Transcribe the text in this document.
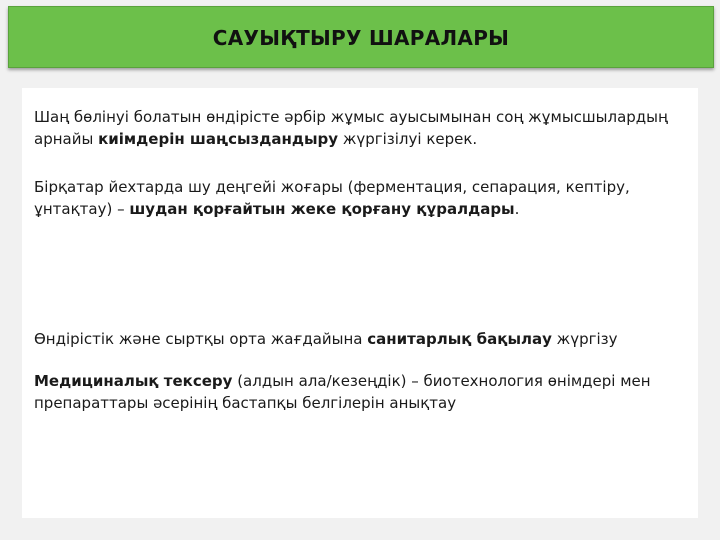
САУЫҚТЫРУ ШАРАЛАРЫ
Шаң бөлінуі болатын өндірісте әрбір жұмыс ауысымынан соң жұмысшылардың арнайы киімдерін шаңсыздандыру жүргізілуі керек.
Бірқатар йехтарда шу деңгейі жоғары (ферментация, сепарация, кептіру, ұнтақтау) – шудан қорғайтын жеке қорғану құралдары.
Өндірістік және сыртқы орта жағдайына санитарлық бақылау жүргізу
Медициналық тексеру (алдын ала/кезеңдік) – биотехнология өнімдері мен препараттары әсерінің бастапқы белгілерін анықтау
